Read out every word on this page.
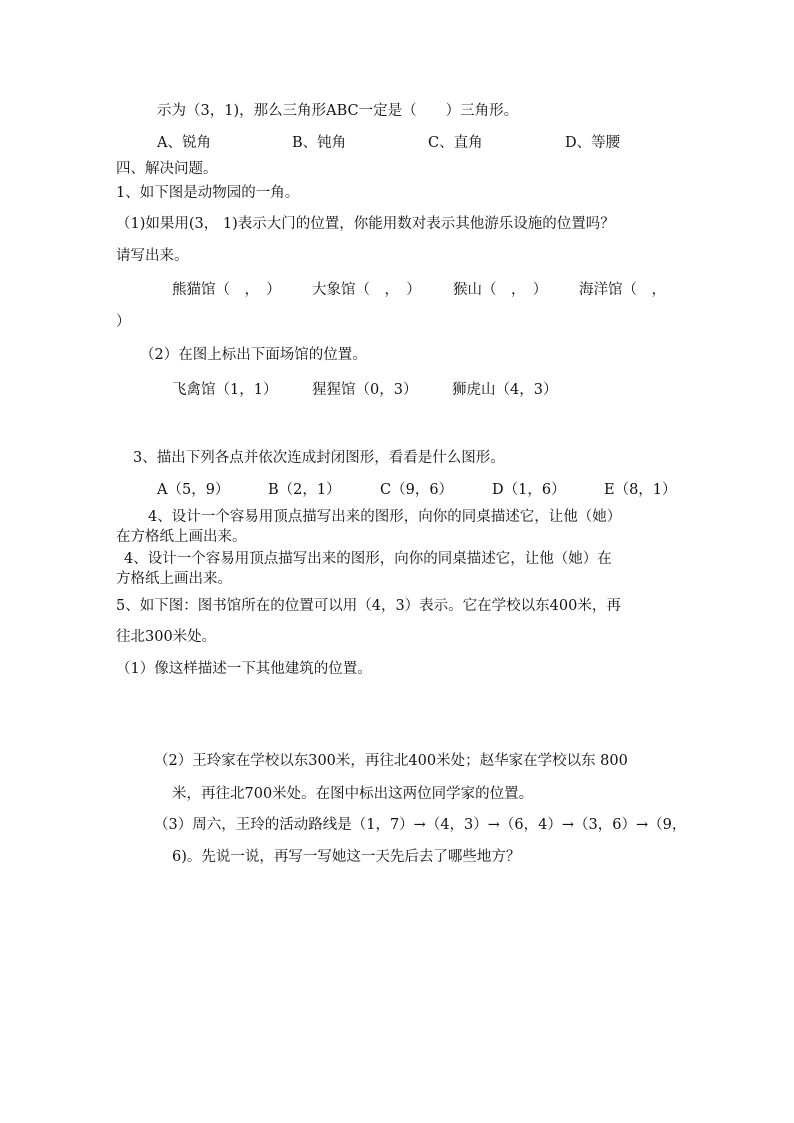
示为（3，1)，那么三角形ABC一定是（　　）三角形。
A、锐角	B、钝角	C、直角	D、等腰
四、解决问题。
1、如下图是动物园的一角。
（1)如果用(3， 1)表示大门的位置，你能用数对表示其他游乐设施的位置吗？
请写出来。
熊猫馆（　，　） 大象馆（　，　） 猴山（　，　） 海洋馆（　，
）
（2）在图上标出下面场馆的位置。
飞禽馆（1，1） 猩猩馆（0，3） 狮虎山（4，3）
3、描出下列各点并依次连成封闭图形，看看是什么图形。
A（5，9）	B（2，1）	C（9，6）	D（1，6）	E（8，1）
4、设计一个容易用顶点描写出来的图形，向你的同桌描述它，让他（她）
在方格纸上画出来。
4、设计一个容易用顶点描写出来的图形，向你的同桌描述它，让他（她）在
方格纸上画出来。
5、如下图：图书馆所在的位置可以用（4，3）表示。它在学校以东400米，再
往北300米处。
（1）像这样描述一下其他建筑的位置。
（2）王玲家在学校以东300米，再往北400米处；赵华家在学校以东 800
米，再往北700米处。在图中标出这两位同学家的位置。
（3）周六，王玲的活动路线是（1，7）→（4，3）→（6，4）→（3，6）→（9，
6)。先说一说，再写一写她这一天先后去了哪些地方？
